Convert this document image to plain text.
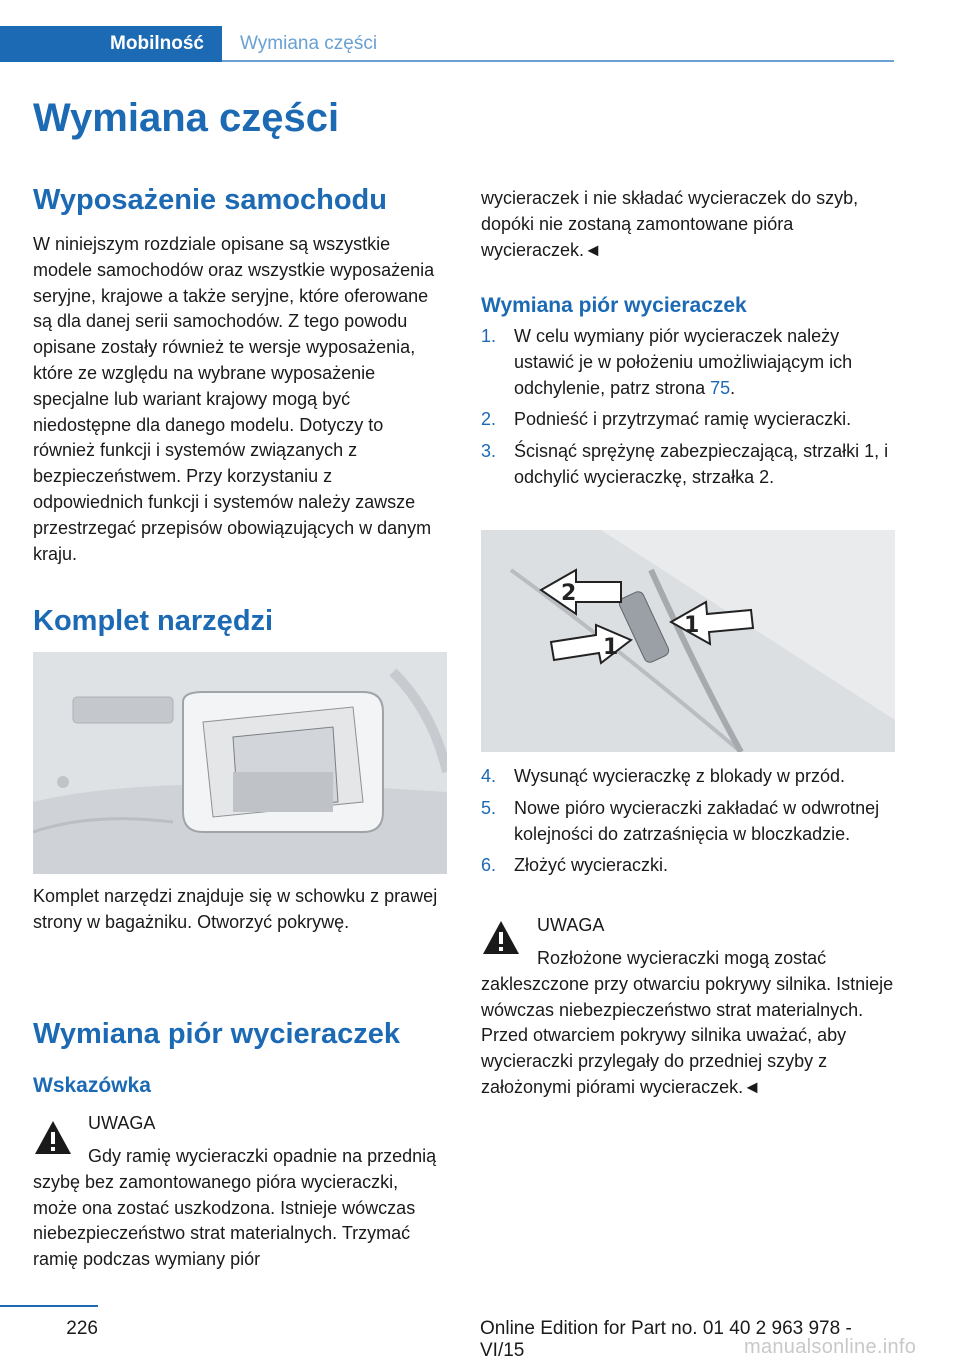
Mobilność	Wymiana części
Wymiana części
Wyposażenie samochodu

W niniejszym rozdziale opisane są wszystkie modele samochodów oraz wszystkie wyposażenia seryjne, krajowe a także seryjne, które oferowane są dla danej serii samochodów. Z tego powodu opisane zostały również te wersje wyposażenia, które ze względu na wybrane wyposażenie specjalne lub wariant krajowy mogą być niedostępne dla danego modelu. Dotyczy to również funkcji i systemów związanych z bezpieczeństwem. Przy korzystaniu z odpowiednich funkcji i systemów należy zawsze przestrzegać przepisów obowiązujących w danym kraju.

Komplet narzędzi

Komplet narzędzi znajduje się w schowku z prawej strony w bagażniku. Otworzyć pokrywę.

Wymiana piór wycieraczek
Wskazówka
UWAGA

Gdy ramię wycieraczki opadnie na przednią szybę bez zamontowanego pióra wycieraczki, może ona zostać uszkodzona. Istnieje wówczas niebezpieczeństwo strat materialnych. Trzymać ramię podczas wymiany piór

wycieraczek i nie składać wycieraczek do szyb, dopóki nie zostaną zamontowane pióra wycieraczek.◄

Wymiana piór wycieraczek
1. W celu wymiany piór wycieraczek należy ustawić je w położeniu umożliwiającym ich odchylenie, patrz strona 75.
2. Podnieść i przytrzymać ramię wycieraczki.
3. Ścisnąć sprężynę zabezpieczającą, strzałki 1, i odchylić wycieraczkę, strzałka 2.
2
1
1
4. Wysunąć wycieraczkę z blokady w przód.
5. Nowe pióro wycieraczki zakładać w odwrotnej kolejności do zatrzaśnięcia w bloczkadzie.
6. Złożyć wycieraczki.
UWAGA

Rozłożone wycieraczki mogą zostać zakleszczone przy otwarciu pokrywy silnika. Istnieje wówczas niebezpieczeństwo strat materialnych. Przed otwarciem pokrywy silnika uważać, aby wycieraczki przylegały do przedniej szyby z założonymi piórami wycieraczek.◄

226	Online Edition for Part no. 01 40 2 963 978 - VI/15	manualsonline.info
